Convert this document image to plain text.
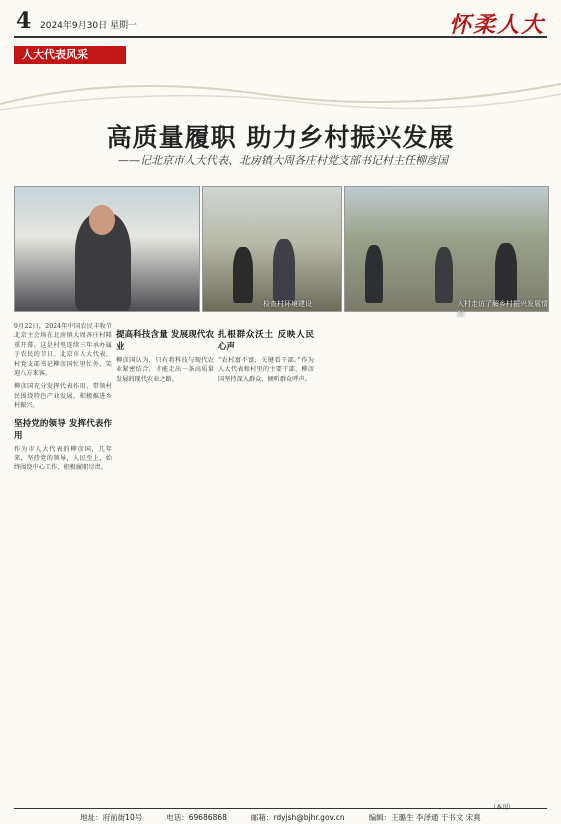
4 2024年9月30日 星期一	怀柔人大
人大代表风采
高质量履职 助力乡村振兴发展
——记北京市人大代表、北房镇大周各庄村党支部书记村主任柳彦国
检查村环境建设	入村走访了解乡村振兴发展情况

9月22日，2024年中国农民丰收节北京主会场在北房镇大周各庄村隆重开幕。这是村里连续三年承办属于农民的节日。北京市人大代表、村党支部书记柳彦国忙里忙外，笑迎八方来客。

柳彦国充分发挥代表作用，带领村民围绕特色产业发展，积极推进乡村振兴。

坚持党的领导 发挥代表作用

作为市人大代表的柳彦国，几年来，坚持党的领导，人民至上，始终围绕中心工作，积极履职尽责。

提高科技含量 发展现代农业

柳彦国认为，只有将科技与现代农业紧密结合，才能走出一条高质量发展的现代农业之路。

扎根群众沃土 反映人民心声

“农村富不富，关键看干部。”作为人大代表和村里的主要干部，柳彦国坚持深入群众，倾听群众呼声。

（本刊）
地址：府前街10号	电话：69686868	邮箱：rdyjsh@bjhr.gov.cn	编辑：王璐生 李泽通 于书文 宋爽
